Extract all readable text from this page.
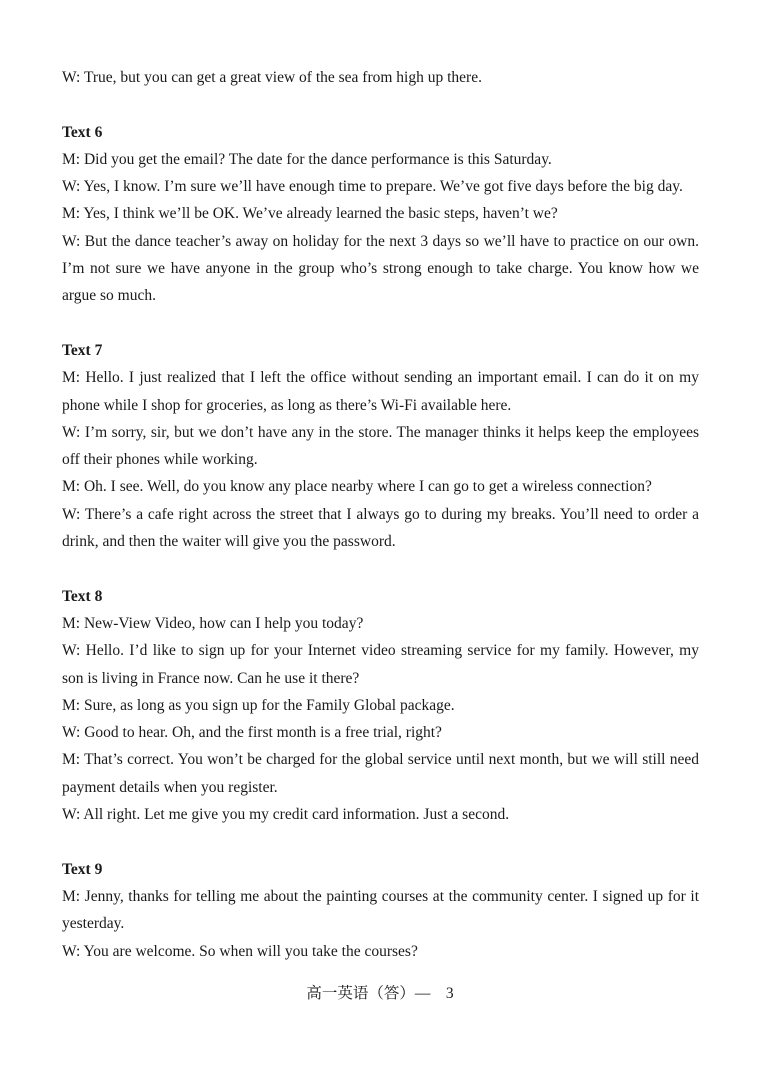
W: True, but you can get a great view of the sea from high up there.

Text 6

M: Did you get the email? The date for the dance performance is this Saturday.

W: Yes, I know. I’m sure we’ll have enough time to prepare. We’ve got five days before the big day.

M: Yes, I think we’ll be OK. We’ve already learned the basic steps, haven’t we?

W: But the dance teacher’s away on holiday for the next 3 days so we’ll have to practice on our own. I’m not sure we have anyone in the group who’s strong enough to take charge. You know how we argue so much.

Text 7

M: Hello. I just realized that I left the office without sending an important email. I can do it on my phone while I shop for groceries, as long as there’s Wi-Fi available here.

W: I’m sorry, sir, but we don’t have any in the store. The manager thinks it helps keep the employees off their phones while working.

M: Oh. I see. Well, do you know any place nearby where I can go to get a wireless connection?

W: There’s a cafe right across the street that I always go to during my breaks. You’ll need to order a drink, and then the waiter will give you the password.

Text 8

M: New-View Video, how can I help you today?

W: Hello. I’d like to sign up for your Internet video streaming service for my family. However, my son is living in France now. Can he use it there?

M: Sure, as long as you sign up for the Family Global package.

W: Good to hear. Oh, and the first month is a free trial, right?

M: That’s correct. You won’t be charged for the global service until next month, but we will still need payment details when you register.

W: All right. Let me give you my credit card information. Just a second.

Text 9

M: Jenny, thanks for telling me about the painting courses at the community center. I signed up for it yesterday.

W: You are welcome. So when will you take the courses?

高一英语（答）—　3
